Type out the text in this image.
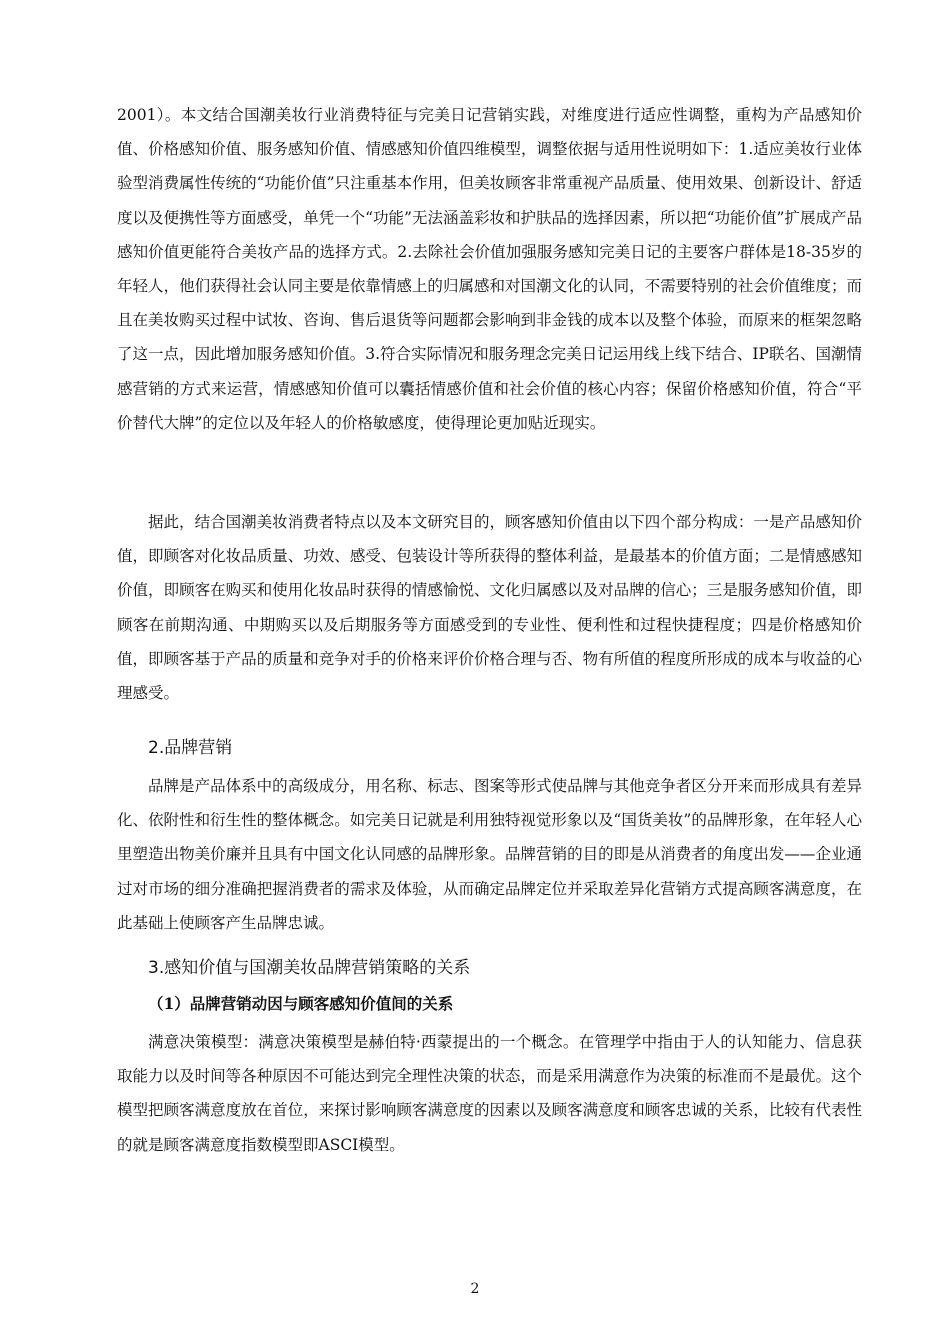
2001）。本文结合国潮美妆行业消费特征与完美日记营销实践，对维度进行适应性调整，重构为产品感知价值、价格感知价值、服务感知价值、情感感知价值四维模型，调整依据与适用性说明如下：1.适应美妆行业体验型消费属性传统的“功能价值”只注重基本作用，但美妆顾客非常重视产品质量、使用效果、创新设计、舒适度以及便携性等方面感受，单凭一个“功能”无法涵盖彩妆和护肤品的选择因素，所以把“功能价值”扩展成产品感知价值更能符合美妆产品的选择方式。2.去除社会价值加强服务感知完美日记的主要客户群体是18-35岁的年轻人，他们获得社会认同主要是依靠情感上的归属感和对国潮文化的认同，不需要特别的社会价值维度；而且在美妆购买过程中试妆、咨询、售后退货等问题都会影响到非金钱的成本以及整个体验，而原来的框架忽略了这一点，因此增加服务感知价值。3.符合实际情况和服务理念完美日记运用线上线下结合、IP联名、国潮情感营销的方式来运营，情感感知价值可以囊括情感价值和社会价值的核心内容；保留价格感知价值，符合“平价替代大牌”的定位以及年轻人的价格敏感度，使得理论更加贴近现实。

据此，结合国潮美妆消费者特点以及本文研究目的，顾客感知价值由以下四个部分构成：一是产品感知价值，即顾客对化妆品质量、功效、感受、包装设计等所获得的整体利益，是最基本的价值方面；二是情感感知价值，即顾客在购买和使用化妆品时获得的情感愉悦、文化归属感以及对品牌的信心；三是服务感知价值，即顾客在前期沟通、中期购买以及后期服务等方面感受到的专业性、便利性和过程快捷程度；四是价格感知价值，即顾客基于产品的质量和竞争对手的价格来评价价格合理与否、物有所值的程度所形成的成本与收益的心理感受。

2.品牌营销

品牌是产品体系中的高级成分，用名称、标志、图案等形式使品牌与其他竞争者区分开来而形成具有差异化、依附性和衍生性的整体概念。如完美日记就是利用独特视觉形象以及“国货美妆”的品牌形象，在年轻人心里塑造出物美价廉并且具有中国文化认同感的品牌形象。品牌营销的目的即是从消费者的角度出发——企业通过对市场的细分准确把握消费者的需求及体验，从而确定品牌定位并采取差异化营销方式提高顾客满意度，在此基础上使顾客产生品牌忠诚。

3.感知价值与国潮美妆品牌营销策略的关系
（1）品牌营销动因与顾客感知价值间的关系

满意决策模型：满意决策模型是赫伯特·西蒙提出的一个概念。在管理学中指由于人的认知能力、信息获取能力以及时间等各种原因不可能达到完全理性决策的状态，而是采用满意作为决策的标准而不是最优。这个模型把顾客满意度放在首位，来探讨影响顾客满意度的因素以及顾客满意度和顾客忠诚的关系，比较有代表性的就是顾客满意度指数模型即ASCI模型。

2
